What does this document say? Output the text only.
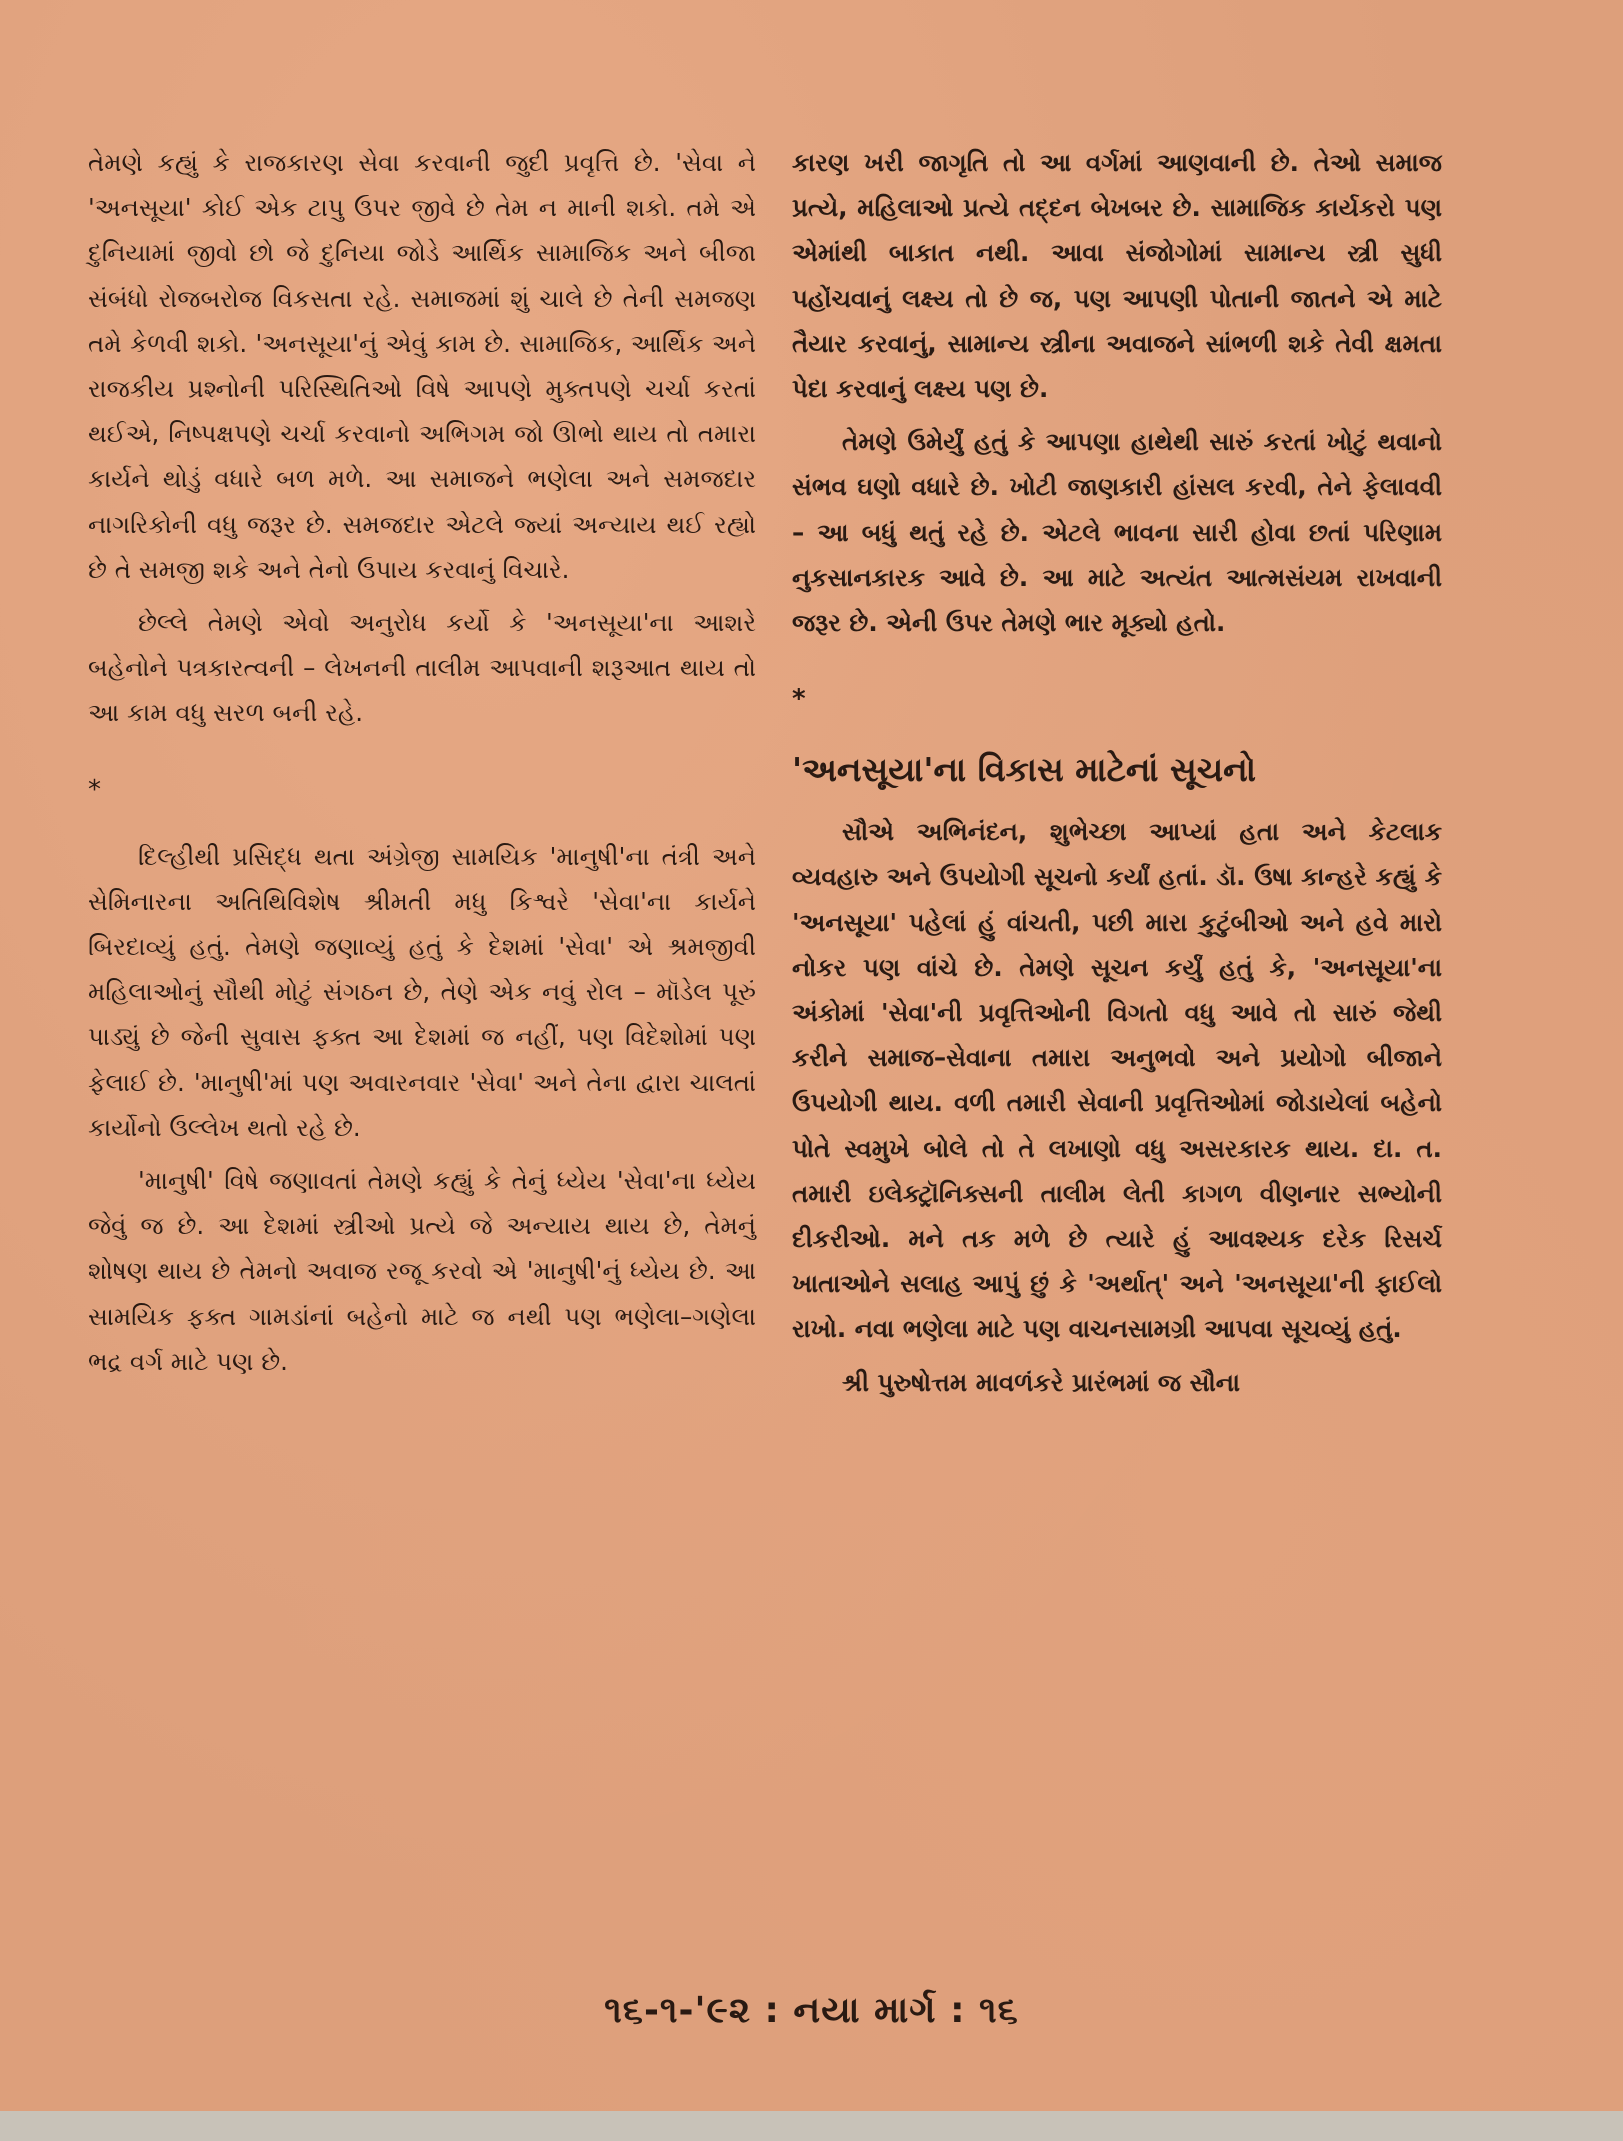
તેમણે કહ્યું કે રાજકારણ સેવા કરવાની જુદી પ્રવૃત્તિ છે. 'સેવા ને 'અનસૂયા' કોઈ એક ટાપુ ઉપર જીવે છે તેમ ન માની શકો. તમે એ દુનિયામાં જીવો છો જે દુનિયા જોડે આર્થિક સામાજિક અને બીજા સંબંધો રોજબરોજ વિકસતા રહે. સમાજમાં શું ચાલે છે તેની સમજણ તમે કેળવી શકો. 'અનસૂયા'નું એવું કામ છે. સામાજિક, આર્થિક અને રાજકીય પ્રશ્નોની પરિસ્થિતિઓ વિષે આપણે મુક્તપણે ચર્ચા કરતાં થઈએ, નિષ્પક્ષપણે ચર્ચા કરવાનો અભિગમ જો ઊભો થાય તો તમારા કાર્યને થોડું વધારે બળ મળે. આ સમાજને ભણેલા અને સમજદાર નાગરિકોની વધુ જરૂર છે. સમજદાર એટલે જ્યાં અન્યાય થઈ રહ્યો છે તે સમજી શકે અને તેનો ઉપાય કરવાનું વિચારે.

છેલ્લે તેમણે એવો અનુરોધ કર્યો કે 'અનસૂયા'ના આશરે બહેનોને પત્રકારત્વની – લેખનની તાલીમ આપવાની શરૂઆત થાય તો આ કામ વધુ સરળ બની રહે.

*

દિલ્હીથી પ્રસિદ્ધ થતા અંગ્રેજી સામયિક 'માનુષી'ના તંત્રી અને સેમિનારના અતિથિવિશેષ શ્રીમતી મધુ કિશ્વરે 'સેવા'ના કાર્યને બિરદાવ્યું હતું. તેમણે જણાવ્યું હતું કે દેશમાં 'સેવા' એ શ્રમજીવી મહિલાઓનું સૌથી મોટું સંગઠન છે, તેણે એક નવું રોલ – મૉડેલ પૂરું પાડ્યું છે જેની સુવાસ ફક્ત આ દેશમાં જ નહીં, પણ વિદેશોમાં પણ ફેલાઈ છે. 'માનુષી'માં પણ અવારનવાર 'સેવા' અને તેના દ્વારા ચાલતાં કાર્યોનો ઉલ્લેખ થતો રહે છે.

'માનુષી' વિષે જણાવતાં તેમણે કહ્યું કે તેનું ધ્યેય 'સેવા'ના ધ્યેય જેવું જ છે. આ દેશમાં સ્ત્રીઓ પ્રત્યે જે અન્યાય થાય છે, તેમનું શોષણ થાય છે તેમનો અવાજ રજૂ કરવો એ 'માનુષી'નું ધ્યેય છે. આ સામયિક ફક્ત ગામડાંનાં બહેનો માટે જ નથી પણ ભણેલા–ગણેલા ભદ્ર વર્ગ માટે પણ છે.

કારણ ખરી જાગૃતિ તો આ વર્ગમાં આણવાની છે. તેઓ સમાજ પ્રત્યે, મહિલાઓ પ્રત્યે તદ્દન બેખબર છે. સામાજિક કાર્યકરો પણ એમાંથી બાકાત નથી. આવા સંજોગોમાં સામાન્ય સ્ત્રી સુધી પહોંચવાનું લક્ષ્ય તો છે જ, પણ આપણી પોતાની જાતને એ માટે તૈયાર કરવાનું, સામાન્ય સ્ત્રીના અવાજને સાંભળી શકે તેવી ક્ષમતા પેદા કરવાનું લક્ષ્ય પણ છે.

તેમણે ઉમેર્યું હતું કે આપણા હાથેથી સારું કરતાં ખોટું થવાનો સંભવ ઘણો વધારે છે. ખોટી જાણકારી હાંસલ કરવી, તેને ફેલાવવી – આ બધું થતું રહે છે. એટલે ભાવના સારી હોવા છતાં પરિણામ નુકસાનકારક આવે છે. આ માટે અત્યંત આત્મસંયમ રાખવાની જરૂર છે. એની ઉપર તેમણે ભાર મૂક્યો હતો.

*
'અનસૂયા'ના વિકાસ માટેનાં સૂચનો

સૌએ અભિનંદન, શુભેચ્છા આપ્યાં હતા અને કેટલાક વ્યવહારુ અને ઉપયોગી સૂચનો કર્યાં હતાં. ડૉ. ઉષા કાન્હરે કહ્યું કે 'અનસૂયા' પહેલાં હું વાંચતી, પછી મારા કુટુંબીઓ અને હવે મારો નોકર પણ વાંચે છે. તેમણે સૂચન કર્યું હતું કે, 'અનસૂયા'ના અંકોમાં 'સેવા'ની પ્રવૃત્તિઓની વિગતો વધુ આવે તો સારું જેથી કરીને સમાજ–સેવાના તમારા અનુભવો અને પ્રયોગો બીજાને ઉપયોગી થાય. વળી તમારી સેવાની પ્રવૃત્તિઓમાં જોડાયેલાં બહેનો પોતે સ્વમુખે બોલે તો તે લખાણો વધુ અસરકારક થાય. દા. ત. તમારી ઇલેક્ટ્રૉનિક્સની તાલીમ લેતી કાગળ વીણનાર સભ્યોની દીકરીઓ. મને તક મળે છે ત્યારે હું આવશ્યક દરેક રિસર્ચ ખાતાઓને સલાહ આપું છું કે 'અર્થાત્' અને 'અનસૂયા'ની ફાઈલો રાખો. નવા ભણેલા માટે પણ વાચનસામગ્રી આપવા સૂચવ્યું હતું.

શ્રી પુરુષોત્તમ માવળંકરે પ્રારંભમાં જ સૌના

૧૬-૧-'૯૨ : નયા માર્ગ : ૧૬
